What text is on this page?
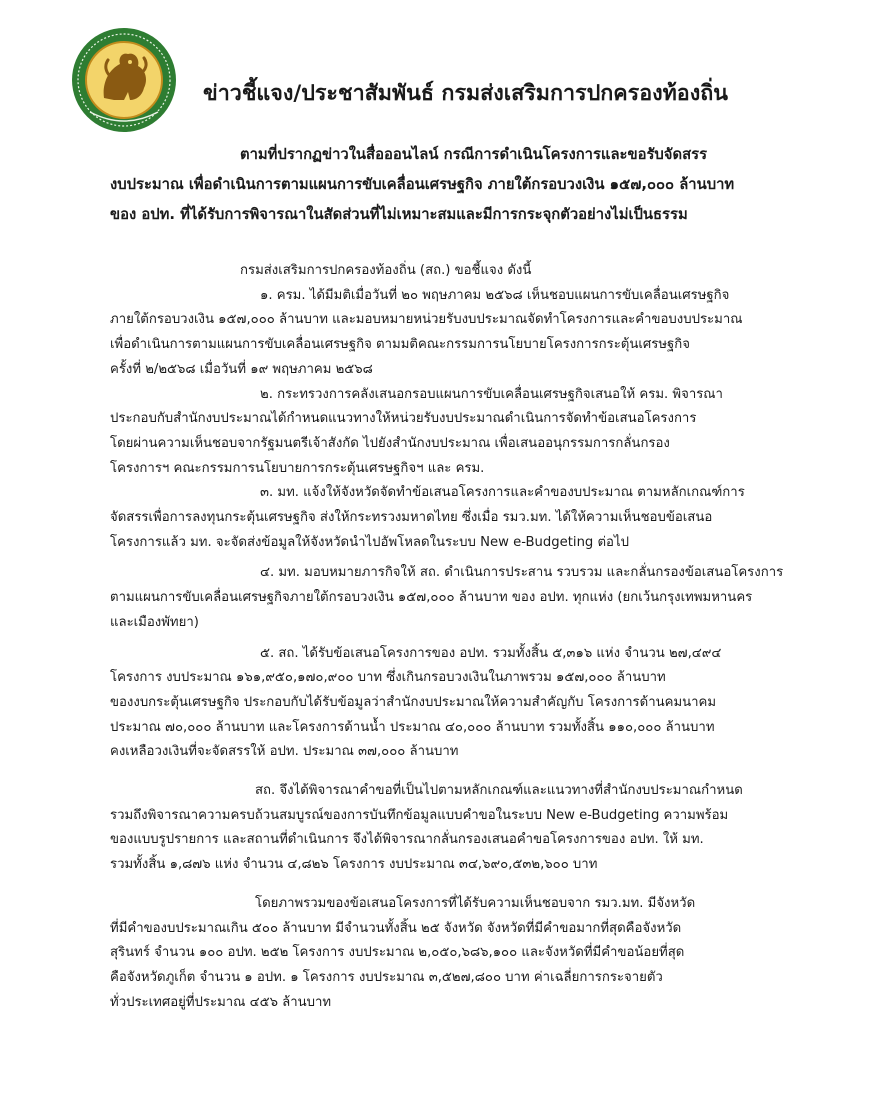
ข่าวชี้แจง/ประชาสัมพันธ์ กรมส่งเสริมการปกครองท้องถิ่น
ตามที่ปรากฏข่าวในสื่อออนไลน์ กรณีการดำเนินโครงการและขอรับจัดสรร
งบประมาณ เพื่อดำเนินการตามแผนการขับเคลื่อนเศรษฐกิจ ภายใต้กรอบวงเงิน ๑๕๗,๐๐๐ ล้านบาท
ของ อปท. ที่ได้รับการพิจารณาในสัดส่วนที่ไม่เหมาะสมและมีการกระจุกตัวอย่างไม่เป็นธรรม
กรมส่งเสริมการปกครองท้องถิ่น (สถ.) ขอชี้แจง ดังนี้
๑. ครม. ได้มีมติเมื่อวันที่ ๒๐ พฤษภาคม ๒๕๖๘ เห็นชอบแผนการขับเคลื่อนเศรษฐกิจ
ภายใต้กรอบวงเงิน ๑๕๗,๐๐๐ ล้านบาท และมอบหมายหน่วยรับงบประมาณจัดทำโครงการและคำขอบงบประมาณ
เพื่อดำเนินการตามแผนการขับเคลื่อนเศรษฐกิจ ตามมติคณะกรรมการนโยบายโครงการกระตุ้นเศรษฐกิจ
ครั้งที่ ๒/๒๕๖๘ เมื่อวันที่ ๑๙ พฤษภาคม ๒๕๖๘
๒. กระทรวงการคลังเสนอกรอบแผนการขับเคลื่อนเศรษฐกิจเสนอให้ ครม. พิจารณา
ประกอบกับสำนักงบประมาณได้กำหนดแนวทางให้หน่วยรับงบประมาณดำเนินการจัดทำข้อเสนอโครงการ
โดยผ่านความเห็นชอบจากรัฐมนตรีเจ้าสังกัด ไปยังสำนักงบประมาณ เพื่อเสนออนุกรรมการกลั่นกรอง
โครงการฯ คณะกรรมการนโยบายการกระตุ้นเศรษฐกิจฯ และ ครม.
๓. มท. แจ้งให้จังหวัดจัดทำข้อเสนอโครงการและคำของบประมาณ ตามหลักเกณฑ์การ
จัดสรรเพื่อการลงทุนกระตุ้นเศรษฐกิจ ส่งให้กระทรวงมหาดไทย ซึ่งเมื่อ รมว.มท. ได้ให้ความเห็นชอบข้อเสนอ
โครงการแล้ว มท. จะจัดส่งข้อมูลให้จังหวัดนำไปอัพโหลดในระบบ New e-Budgeting ต่อไป
๔. มท. มอบหมายภารกิจให้ สถ. ดำเนินการประสาน รวบรวม และกลั่นกรองข้อเสนอโครงการ
ตามแผนการขับเคลื่อนเศรษฐกิจภายใต้กรอบวงเงิน ๑๕๗,๐๐๐ ล้านบาท ของ อปท. ทุกแห่ง (ยกเว้นกรุงเทพมหานคร
และเมืองพัทยา)
๕. สถ. ได้รับข้อเสนอโครงการของ อปท. รวมทั้งสิ้น ๕,๓๑๖ แห่ง จำนวน ๒๗,๔๙๔
โครงการ งบประมาณ ๑๖๑,๙๕๐,๑๗๐,๙๐๐ บาท ซึ่งเกินกรอบวงเงินในภาพรวม ๑๕๗,๐๐๐ ล้านบาท
ของงบกระตุ้นเศรษฐกิจ ประกอบกับได้รับข้อมูลว่าสำนักงบประมาณให้ความสำคัญกับ โครงการด้านคมนาคม
ประมาณ ๗๐,๐๐๐ ล้านบาท และโครงการด้านน้ำ ประมาณ ๔๐,๐๐๐ ล้านบาท รวมทั้งสิ้น ๑๑๐,๐๐๐ ล้านบาท
คงเหลือวงเงินที่จะจัดสรรให้ อปท. ประมาณ ๓๗,๐๐๐ ล้านบาท
สถ. จึงได้พิจารณาคำขอที่เป็นไปตามหลักเกณฑ์และแนวทางที่สำนักงบประมาณกำหนด
รวมถึงพิจารณาความครบถ้วนสมบูรณ์ของการบันทึกข้อมูลแบบคำขอในระบบ New e-Budgeting ความพร้อม
ของแบบรูปรายการ และสถานที่ดำเนินการ จึงได้พิจารณากลั่นกรองเสนอคำขอโครงการของ อปท. ให้ มท.
รวมทั้งสิ้น ๑,๘๗๖ แห่ง จำนวน ๔,๘๒๖ โครงการ งบประมาณ ๓๔,๖๙๐,๕๓๒,๖๐๐ บาท
โดยภาพรวมของข้อเสนอโครงการที่ได้รับความเห็นชอบจาก รมว.มท. มีจังหวัด
ที่มีคำของบประมาณเกิน ๕๐๐ ล้านบาท มีจำนวนทั้งสิ้น ๒๕ จังหวัด จังหวัดที่มีคำขอมากที่สุดคือจังหวัด
สุรินทร์ จำนวน ๑๐๐ อปท. ๒๕๒ โครงการ งบประมาณ ๒,๐๕๐,๖๘๖,๑๐๐ และจังหวัดที่มีคำขอน้อยที่สุด
คือจังหวัดภูเก็ต จำนวน ๑ อปท. ๑ โครงการ งบประมาณ ๓,๕๒๗,๘๐๐ บาท ค่าเฉลี่ยการกระจายตัว
ทั่วประเทศอยู่ที่ประมาณ ๔๕๖ ล้านบาท
